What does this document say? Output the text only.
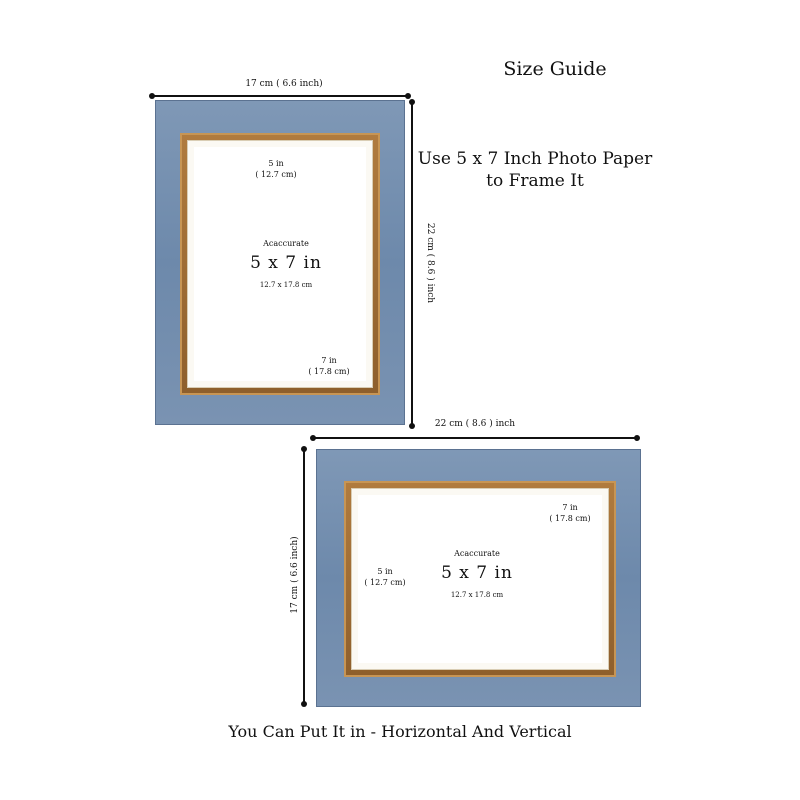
Size Guide
Use 5 x 7 Inch Photo Paper
to Frame It
17 cm ( 6.6 inch)
22 cm ( 8.6 ) inch
22 cm ( 8.6 ) inch
17 cm ( 6.6 inch)
5 in
( 12.7 cm)
Acaccurate
5 x 7 in
12.7 x 17.8 cm
7 in
( 17.8 cm)
7 in
( 17.8 cm)
5 in
( 12.7 cm)
Acaccurate
5 x 7 in
12.7 x 17.8 cm
You Can Put It in - Horizontal And Vertical
